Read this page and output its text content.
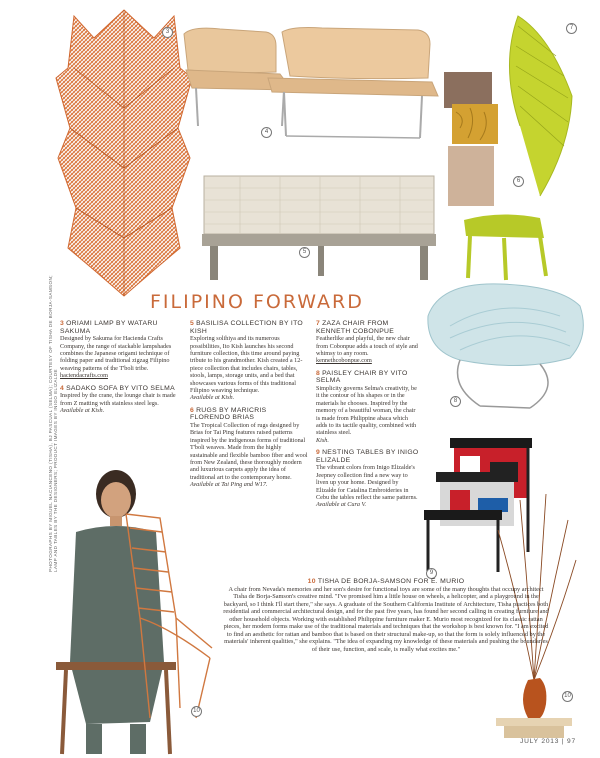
3
4
5
6
7
8
9
10
10
PHOTOGRAPHS BY MIGUEL NACIANCENO (TISHA), BJ PASCUAL (SELMA); COURTESY OF TISHA DE BORJA-SAMSON; LAMP AND TABLES BY THE DESIGNERS; PRODUCT IMAGES BY INIGO ELIZALDE
FILIPINO FORWARD
3 ORIAMI LAMP BY WATARU SAKUMA
Designed by Sakuma for Hacienda Crafts Company, the range of stackable lampshades combines the Japanese origami technique of folding paper and traditional zigzag Filipino weaving patterns of the T'boli tribe.
haciendacrafts.com
4 SADAKO SOFA BY VITO SELMA
Inspired by the crane, the lounge chair is made from Z matting with stainless steel legs.
Available at Kish.
5 BASILISA COLLECTION BY ITO KISH
Exploring solihiya and its numerous possibilities, Ito Kish launches his second furniture collection, this time around paying tribute to his grandmother. Kish created a 12-piece collection that includes chairs, tables, stools, lamps, storage units, and a bed that showcases various forms of this traditional Filipino weaving technique.
Available at Kish.
6 RUGS BY MARICRIS FLORENDO BRIAS
The Tropical Collection of rugs designed by Brias for Tai Ping features raised patterns inspired by the indigenous forms of traditional T'boli weaves. Made from the highly sustainable and flexible bamboo fiber and wool from New Zealand, these thoroughly modern and luxurious carpets apply the idea of traditional art to the contemporary home.
Available at Tai Ping and W17.
7 ZAZA CHAIR FROM KENNETH COBONPUE
Featherlike and playful, the new chair from Cobonpue adds a touch of style and whimsy to any room.
kennethcobonpue.com
8 PAISLEY CHAIR BY VITO SELMA
Simplicity governs Selma's creativity, be it the contour of his shapes or in the materials he chooses. Inspired by the memory of a beautiful woman, the chair is made from Philippine abaca which adds to its tactile quality, combined with stainless steel.
Kish.
9 NESTING TABLES BY INIGO ELIZALDE
The vibrant colors from Inigo Elizalde's Jeepney collection find a new way to liven up your home. Designed by Elizalde for Catalina Embroideries in Cebu the tables reflect the same patterns.
Available at Cura V.
10 TISHA DE BORJA-SAMSON FOR E. MURIO
A chair from Nevada's memories and her son's desire for functional toys are some of the many thoughts that occupy architect Tisha de Borja-Samson's creative mind. "I've promised him a little house on wheels, a helicopter, and a playground in the backyard, so I think I'll start there," she says. A graduate of the Southern California Institute of Architecture, Tisha practices both residential and commercial architectural design, and for the past five years, has found her second calling in creating furniture and other household objects. Working with established Philippine furniture maker E. Murio most recognized for its classic rattan pieces, her modern forms make use of the traditional materials and techniques that the workshop is best known for. "I am excited to find an aesthetic for rattan and bamboo that is based on their structural make-up, so that the form is solely influenced by the materials' inherent qualities," she explains. "The idea of expanding my knowledge of these materials and pushing the boundaries of their use, function, and scale, is really what excites me."
JULY 2013 | 97
